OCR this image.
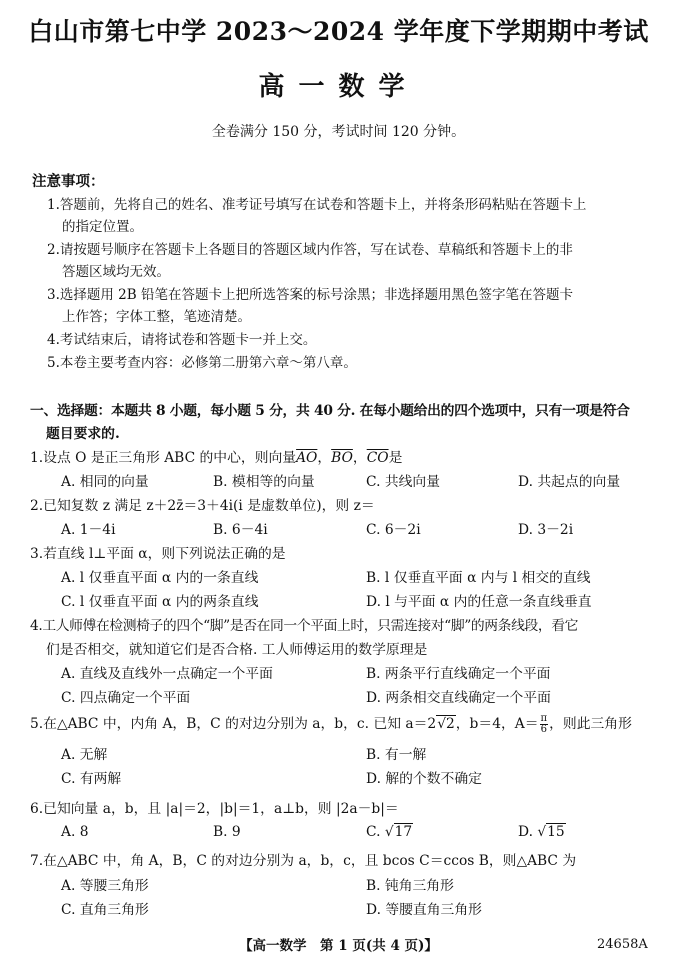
白山市第七中学 2023～2024 学年度下学期期中考试
高一数学
全卷满分 150 分，考试时间 120 分钟。
注意事项：
1.答题前，先将自己的姓名、准考证号填写在试卷和答题卡上，并将条形码粘贴在答题卡上
的指定位置。
2.请按题号顺序在答题卡上各题目的答题区域内作答，写在试卷、草稿纸和答题卡上的非
答题区域均无效。
3.选择题用 2B 铅笔在答题卡上把所选答案的标号涂黑；非选择题用黑色签字笔在答题卡
上作答；字体工整，笔迹清楚。
4.考试结束后，请将试卷和答题卡一并上交。
5.本卷主要考查内容：必修第二册第六章～第八章。
一、选择题：本题共 8 小题，每小题 5 分，共 40 分. 在每小题给出的四个选项中，只有一项是符合
题目要求的.
1.设点 O 是正三角形 ABC 的中心，则向量$\overline{AO}$，$\overline{BO}$，$\overline{CO}$是
A. 相同的向量	B. 模相等的向量	C. 共线向量	D. 共起点的向量
2.已知复数 z 满足 z＋2z̄＝3＋4i(i 是虚数单位)，则 z＝
A. 1－4i	B. 6－4i	C. 6－2i	D. 3－2i
3.若直线 l⊥平面 α，则下列说法正确的是
A. l 仅垂直平面 α 内的一条直线	B. l 仅垂直平面 α 内与 l 相交的直线
C. l 仅垂直平面 α 内的两条直线	D. l 与平面 α 内的任意一条直线垂直
4.工人师傅在检测椅子的四个“脚”是否在同一个平面上时，只需连接对“脚”的两条线段，看它
们是否相交，就知道它们是否合格. 工人师傅运用的数学原理是
A. 直线及直线外一点确定一个平面	B. 两条平行直线确定一个平面
C. 四点确定一个平面	D. 两条相交直线确定一个平面
5.在△ABC 中，内角 A，B，C 的对边分别为 a，b，c. 已知 a＝2√2，b＝4，$A= \frac{\pi}{6}$ ，则此三角形
A. 无解	B. 有一解
C. 有两解	D. 解的个数不确定
6.已知向量 a，b，且 |a|＝2，|b|＝1，a⊥b，则 |2a－b|＝
A. 8	B. 9	C. √17	D. √15
7.在△ABC 中，角 A，B，C 的对边分别为 a，b，c，且 bcos C＝ccos B，则△ABC 为
A. 等腰三角形	B. 钝角三角形
C. 直角三角形	D. 等腰直角三角形
【高一数学　第 1 页(共 4 页)】	24658A
